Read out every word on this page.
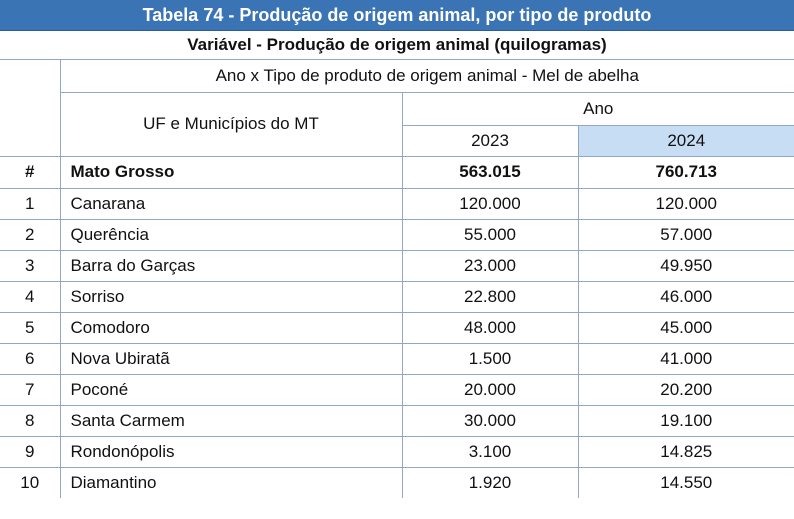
Tabela 74 - Produção de origem animal, por tipo de produto
Variável - Produção de origem animal (quilogramas)
	Ano x Tipo de produto de origem animal - Mel de abelha		
	UF e Municípios do MT	Ano	
		2023	2024
#	Mato Grosso	563.015	760.713
1	Canarana	120.000	120.000
2	Querência	55.000	57.000
3	Barra do Garças	23.000	49.950
4	Sorriso	22.800	46.000
5	Comodoro	48.000	45.000
6	Nova Ubiratã	1.500	41.000
7	Poconé	20.000	20.200
8	Santa Carmem	30.000	19.100
9	Rondonópolis	3.100	14.825
10	Diamantino	1.920	14.550
